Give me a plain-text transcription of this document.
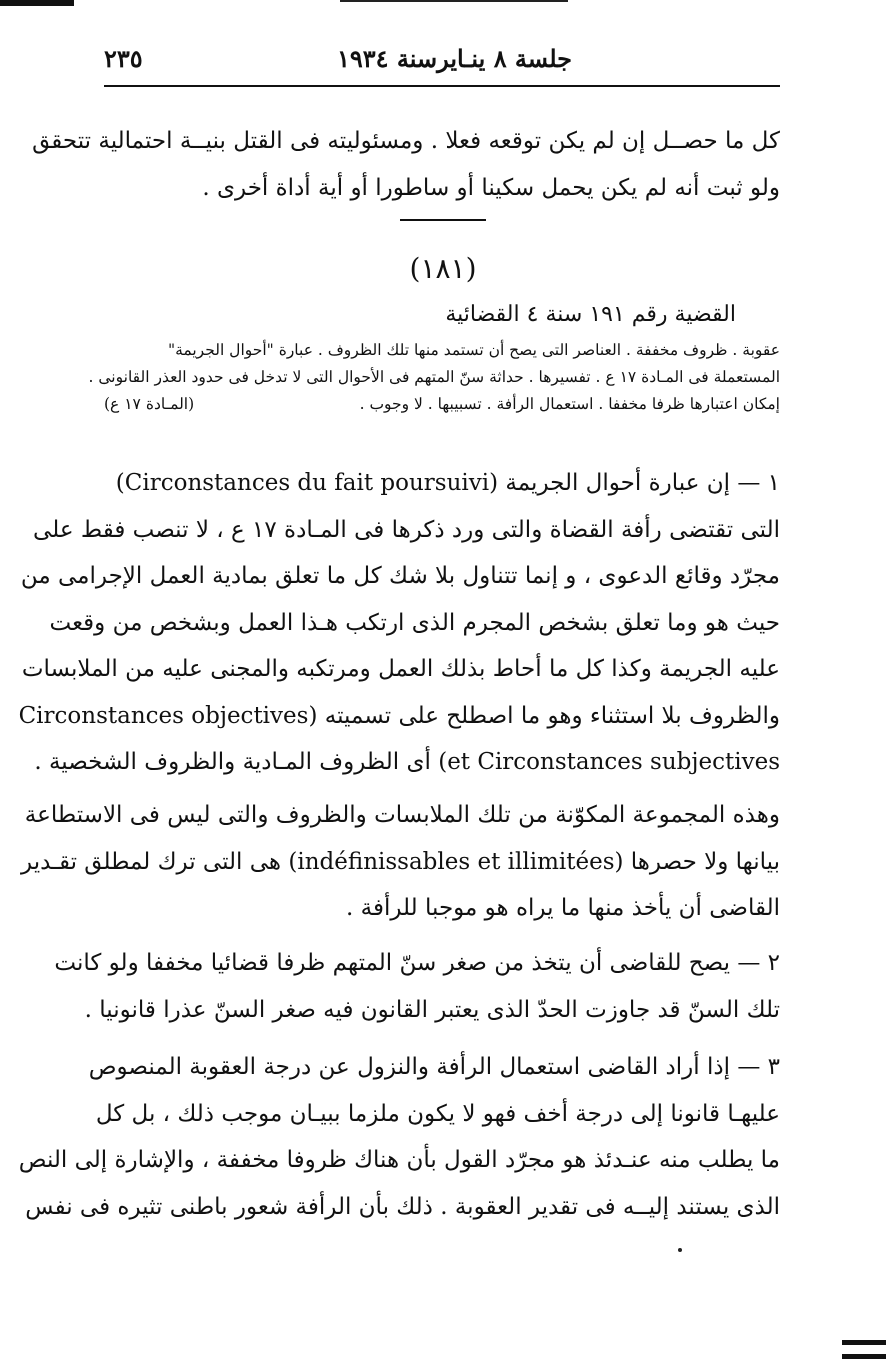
جلسة ٨ ينـايرسنة ١٩٣٤
٢٣٥
كل ما حصــل إن لم يكن توقعه فعلا . ومسئوليته فى القتل بنيــة احتمالية تتحقق
ولو ثبت أنه لم يكن يحمل سكينا أو ساطورا أو أية أداة أخرى .
(١٨١)
القضية رقم ١٩١ سنة ٤ القضائية
عقوبة . ظروف مخففة . العناصر التى يصح أن تستمد منها تلك الظروف . عبارة "أحوال الجريمة"
المستعملة فى المـادة ١٧ ع . تفسيرها . حداثة سنّ المتهم فى الأحوال التى لا تدخل فى حدود العذر القانونى .
إمكان اعتبارها ظرفا مخففا . استعمال الرأفة . تسبيبها . لا وجوب .
(المـادة ١٧ ع)
١ — إن عبارة أحوال الجريمة (Circonstances du fait poursuivi)
التى تقتضى رأفة القضاة والتى ورد ذكرها فى المـادة ١٧ ع ، لا تنصب فقط على
مجرّد وقائع الدعوى ، و إنما تتناول بلا شك كل ما تعلق بمادية العمل الإجرامى من
حيث هو وما تعلق بشخص المجرم الذى ارتكب هـذا العمل وبشخص من وقعت
عليه الجريمة وكذا كل ما أحاط بذلك العمل ومرتكبه والمجنى عليه من الملابسات
والظروف بلا استثناء وهو ما اصطلح على تسميته (Circonstances objectives
et Circonstances subjectives) أى الظروف المـادية والظروف الشخصية .
وهذه المجموعة المكوّنة من تلك الملابسات والظروف والتى ليس فى الاستطاعة
بيانها ولا حصرها (indéfinissables et illimitées) هى التى ترك لمطلق تقـدير
القاضى أن يأخذ منها ما يراه هو موجبا للرأفة .
٢ — يصح للقاضى أن يتخذ من صغر سنّ المتهم ظرفا قضائيا مخففا ولو كانت
تلك السنّ قد جاوزت الحدّ الذى يعتبر القانون فيه صغر السنّ عذرا قانونيا .
٣ — إذا أراد القاضى استعمال الرأفة والنزول عن درجة العقوبة المنصوص
عليهـا قانونا إلى درجة أخف فهو لا يكون ملزما ببيـان موجب ذلك ، بل كل
ما يطلب منه عنـدئذ هو مجرّد القول بأن هناك ظروفا مخففة ، والإشارة إلى النص
الذى يستند إليــه فى تقدير العقوبة . ذلك بأن الرأفة شعور باطنى تثيره فى نفس
